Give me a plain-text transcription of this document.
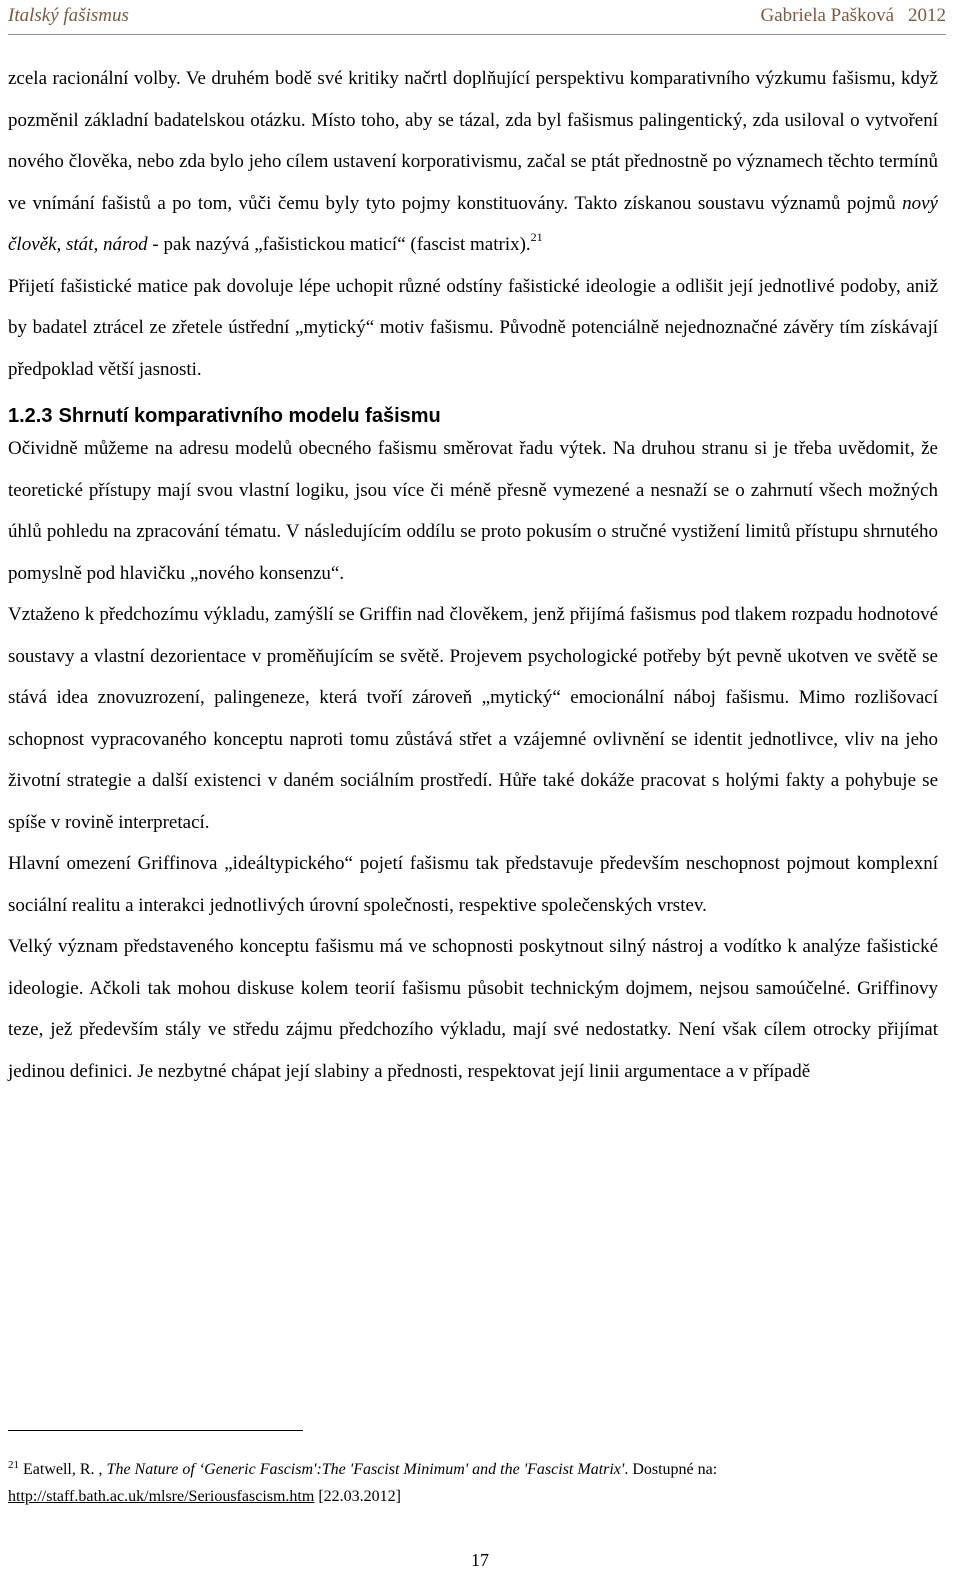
Italský fašismus	Gabriela Pašková 2012

zcela racionální volby. Ve druhém bodě své kritiky načrtl doplňující perspektivu komparativního výzkumu fašismu, když pozměnil základní badatelskou otázku. Místo toho, aby se tázal, zda byl fašismus palingentický, zda usiloval o vytvoření nového člověka, nebo zda bylo jeho cílem ustavení korporativismu, začal se ptát přednostně po významech těchto termínů ve vnímání fašistů a po tom, vůči čemu byly tyto pojmy konstituovány. Takto získanou soustavu významů pojmů nový člověk, stát, národ - pak nazývá „fašistickou maticí“ (fascist matrix).$^{21}$

Přijetí fašistické matice pak dovoluje lépe uchopit různé odstíny fašistické ideologie a odlišit její jednotlivé podoby, aniž by badatel ztrácel ze zřetele ústřední „mytický“ motiv fašismu. Původně potenciálně nejednoznačné závěry tím získávají předpoklad větší jasnosti.

1.2.3 Shrnutí komparativního modelu fašismu

Očividně můžeme na adresu modelů obecného fašismu směrovat řadu výtek. Na druhou stranu si je třeba uvědomit, že teoretické přístupy mají svou vlastní logiku, jsou více či méně přesně vymezené a nesnaží se o zahrnutí všech možných úhlů pohledu na zpracování tématu. V následujícím oddílu se proto pokusím o stručné vystižení limitů přístupu shrnutého pomyslně pod hlavičku „nového konsenzu“.

Vztaženo k předchozímu výkladu, zamýšlí se Griffin nad člověkem, jenž přijímá fašismus pod tlakem rozpadu hodnotové soustavy a vlastní dezorientace v proměňujícím se světě. Projevem psychologické potřeby být pevně ukotven ve světě se stává idea znovuzrození, palingeneze, která tvoří zároveň „mytický“ emocionální náboj fašismu. Mimo rozlišovací schopnost vypracovaného konceptu naproti tomu zůstává střet a vzájemné ovlivnění se identit jednotlivce, vliv na jeho životní strategie a další existenci v daném sociálním prostředí. Hůře také dokáže pracovat s holými fakty a pohybuje se spíše v rovině interpretací.

Hlavní omezení Griffinova „ideáltypického“ pojetí fašismu tak představuje především neschopnost pojmout komplexní sociální realitu a interakci jednotlivých úrovní společnosti, respektive společenských vrstev.

Velký význam představeného konceptu fašismu má ve schopnosti poskytnout silný nástroj a vodítko k analýze fašistické ideologie. Ačkoli tak mohou diskuse kolem teorií fašismu působit technickým dojmem, nejsou samoúčelné. Griffinovy teze, jež především stály ve středu zájmu předchozího výkladu, mají své nedostatky. Není však cílem otrocky přijímat jedinou definici. Je nezbytné chápat její slabiny a přednosti, respektovat její linii argumentace a v případě

$^{21}$ Eatwell, R. , The Nature of ‘Generic Fascism':The 'Fascist Minimum' and the 'Fascist Matrix'. Dostupné na:
http://staff.bath.ac.uk/mlsre/Seriousfascism.htm [22.03.2012]
17
